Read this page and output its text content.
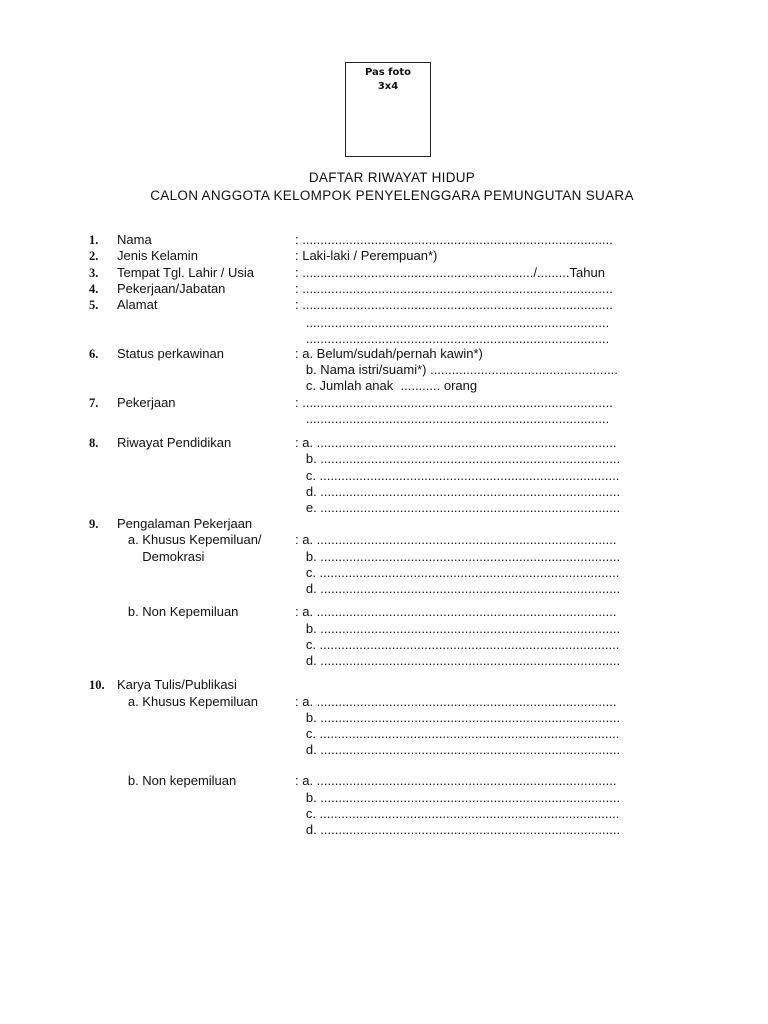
Pas foto
3x4
DAFTAR RIWAYAT HIDUP
CALON ANGGOTA KELOMPOK PENYELENGGARA PEMUNGUTAN SUARA
1. Nama	: ......................................................................................
2. Jenis Kelamin	: Laki-laki / Perempuan*)
3. Tempat Tgl. Lahir / Usia	: ................................................................/.........Tahun
4. Pekerjaan/Jabatan	: ......................................................................................
5. Alamat	: ......................................................................................
....................................................................................
....................................................................................
6. Status perkawinan	: a. Belum/sudah/pernah kawin*)
b. Nama istri/suami*) ....................................................
c. Jumlah anak  ........... orang
7. Pekerjaan	: ......................................................................................
....................................................................................
8. Riwayat Pendidikan	: a. ...................................................................................
b. ...................................................................................
c. ...................................................................................
d. ...................................................................................
e. ...................................................................................
9. Pengalaman Pekerjaan
a. Khusus Kepemiluan/	: a. ...................................................................................
Demokrasi	b. ...................................................................................
c. ...................................................................................
d. ...................................................................................
b. Non Kepemiluan	: a. ...................................................................................
b. ...................................................................................
c. ...................................................................................
d. ...................................................................................
10. Karya Tulis/Publikasi
a. Khusus Kepemiluan	: a. ...................................................................................
b. ...................................................................................
c. ...................................................................................
d. ...................................................................................
b. Non kepemiluan	: a. ...................................................................................
b. ...................................................................................
c. ...................................................................................
d. ...................................................................................
